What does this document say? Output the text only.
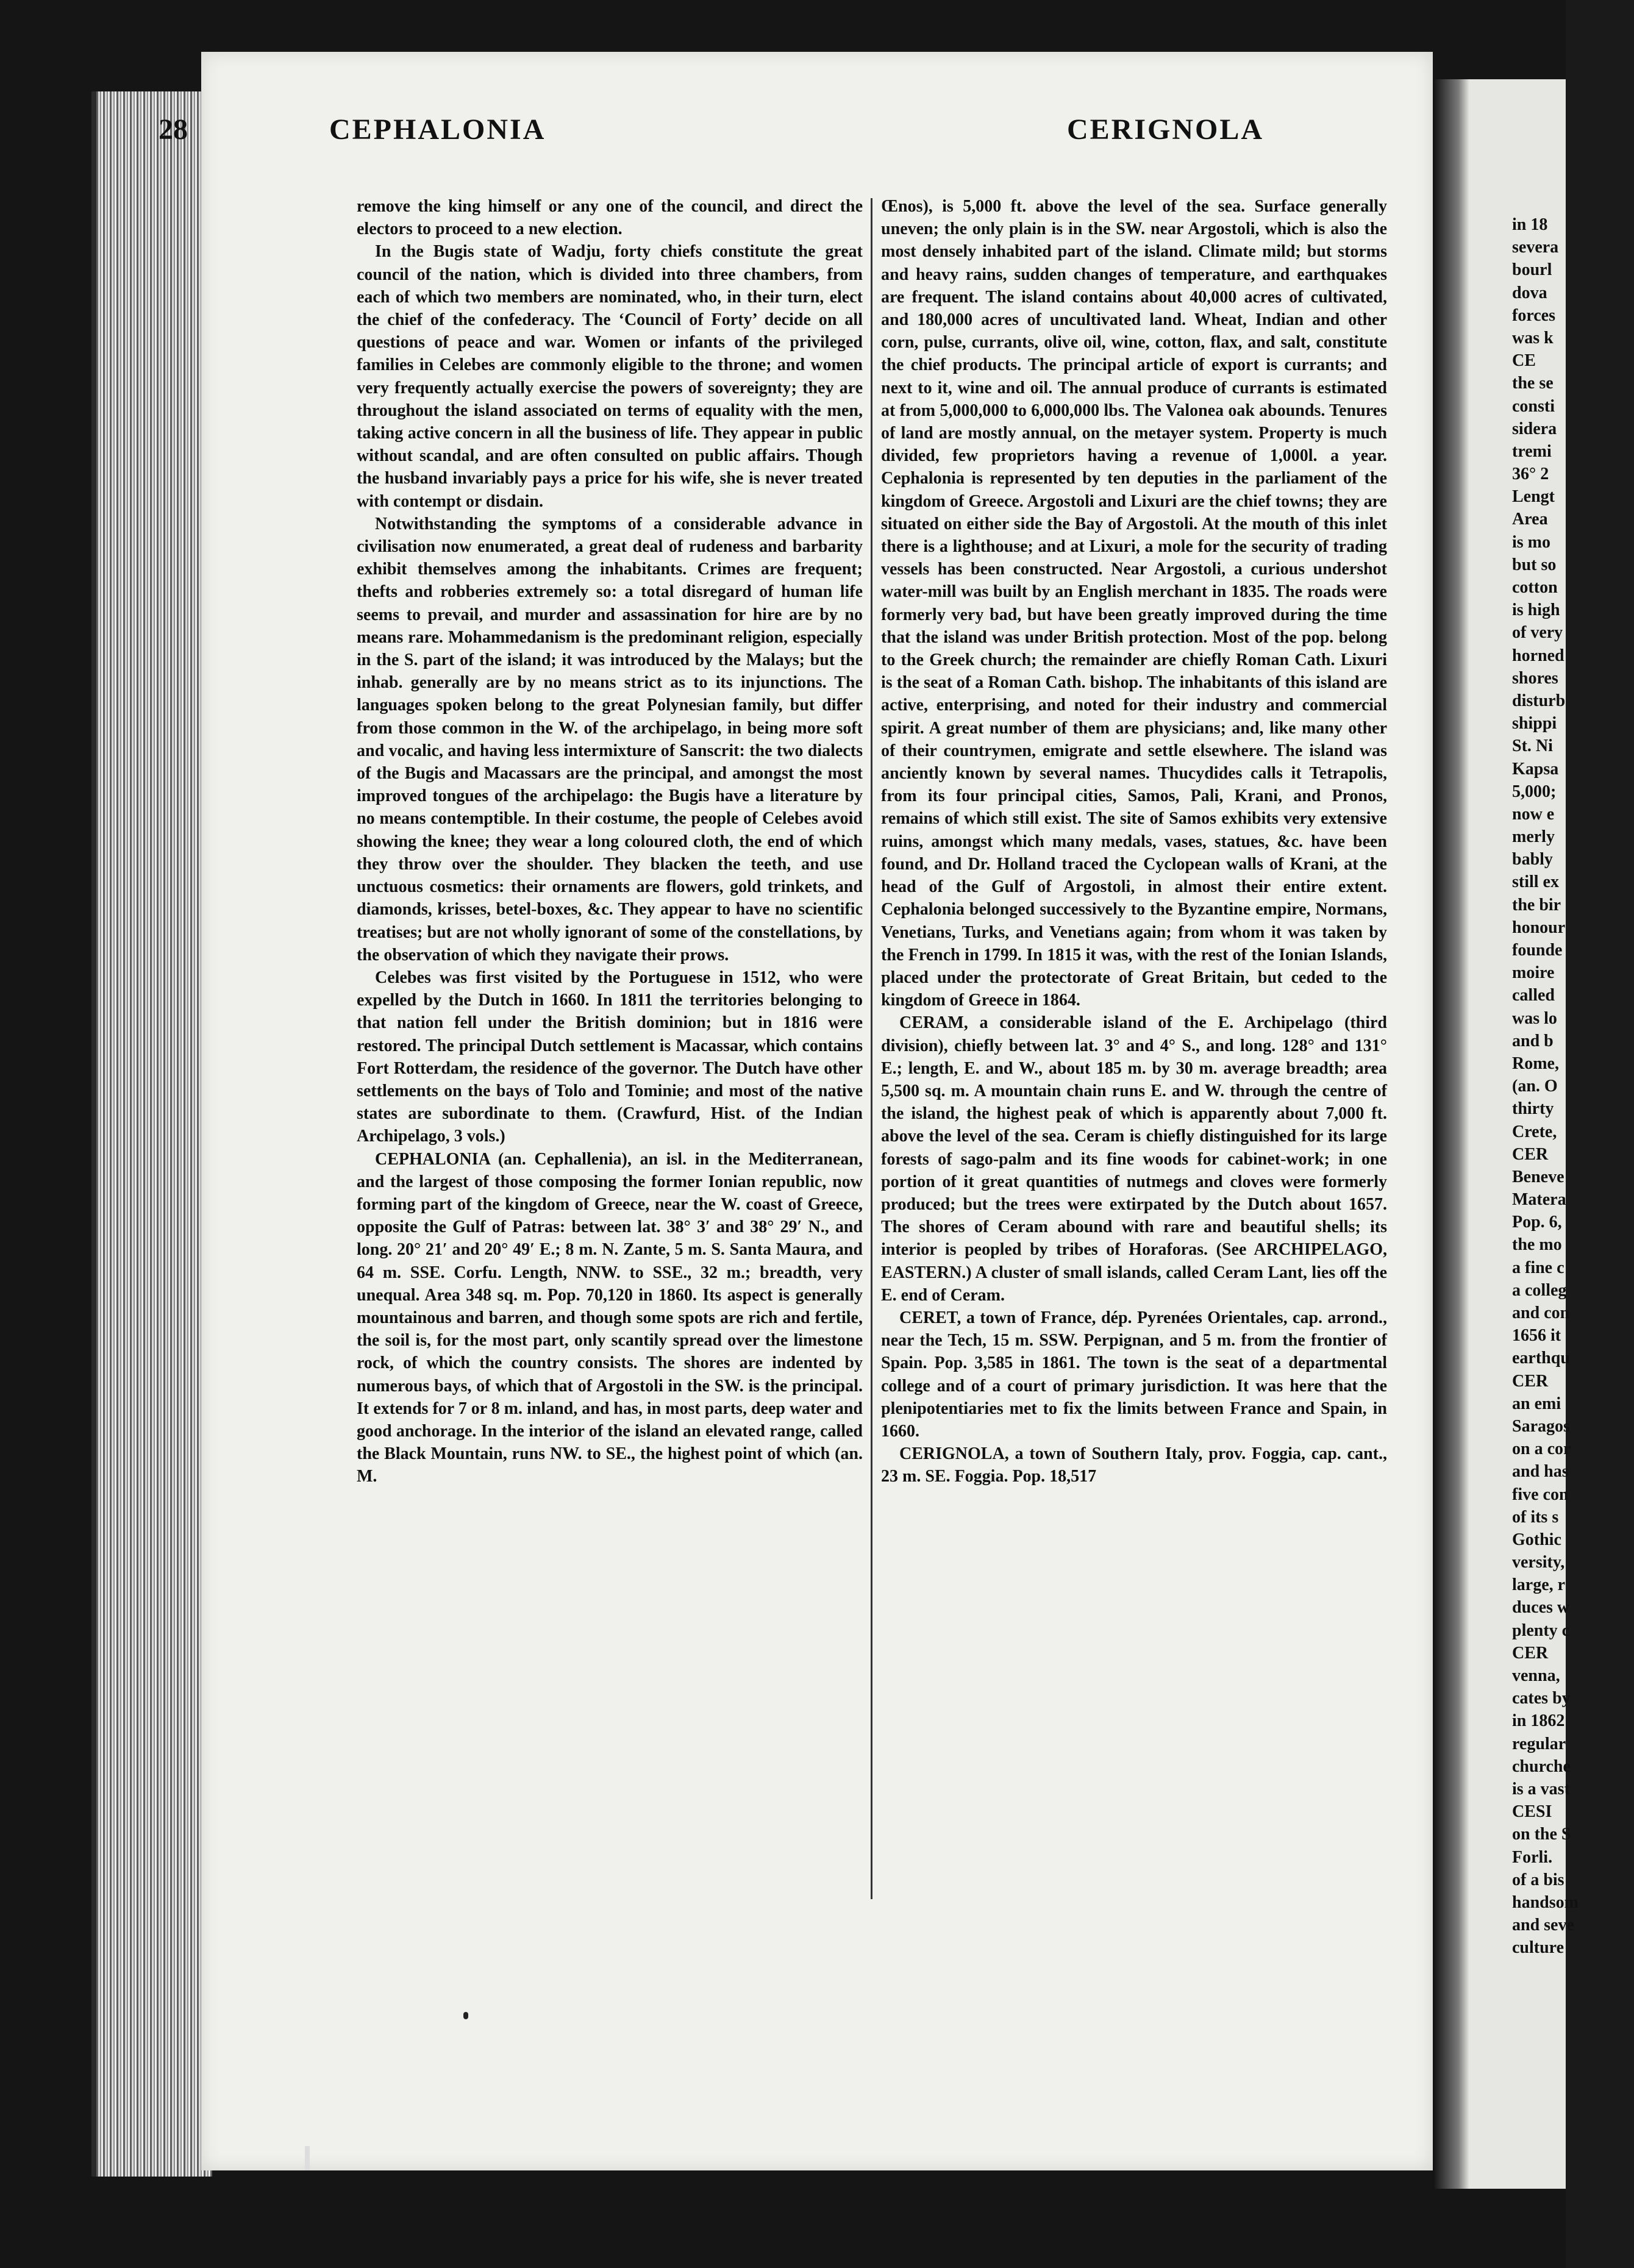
28	CEPHALONIA	CERIGNOLA

remove the king himself or any one of the council, and direct the electors to proceed to a new election.

In the Bugis state of Wadju, forty chiefs constitute the great council of the nation, which is divided into three chambers, from each of which two members are nominated, who, in their turn, elect the chief of the confederacy. The ‘Council of Forty’ decide on all questions of peace and war. Women or infants of the privileged families in Celebes are commonly eligible to the throne; and women very frequently actually exercise the powers of sovereignty; they are throughout the island associated on terms of equality with the men, taking active concern in all the business of life. They appear in public without scandal, and are often consulted on public affairs. Though the husband invariably pays a price for his wife, she is never treated with contempt or disdain.

Notwithstanding the symptoms of a considerable advance in civilisation now enumerated, a great deal of rudeness and barbarity exhibit themselves among the inhabitants. Crimes are frequent; thefts and robberies extremely so: a total disregard of human life seems to prevail, and murder and assassination for hire are by no means rare. Mohammedanism is the predominant religion, especially in the S. part of the island; it was introduced by the Malays; but the inhab. generally are by no means strict as to its injunctions. The languages spoken belong to the great Polynesian family, but differ from those common in the W. of the archipelago, in being more soft and vocalic, and having less intermixture of Sanscrit: the two dialects of the Bugis and Macassars are the principal, and amongst the most improved tongues of the archipelago: the Bugis have a literature by no means contemptible. In their costume, the people of Celebes avoid showing the knee; they wear a long coloured cloth, the end of which they throw over the shoulder. They blacken the teeth, and use unctuous cosmetics: their ornaments are flowers, gold trinkets, and diamonds, krisses, betel-boxes, &c. They appear to have no scientific treatises; but are not wholly ignorant of some of the constellations, by the observation of which they navigate their prows.

Celebes was first visited by the Portuguese in 1512, who were expelled by the Dutch in 1660. In 1811 the territories belonging to that nation fell under the British dominion; but in 1816 were restored. The principal Dutch settlement is Macassar, which contains Fort Rotterdam, the residence of the governor. The Dutch have other settlements on the bays of Tolo and Tominie; and most of the native states are subordinate to them. (Crawfurd, Hist. of the Indian Archipelago, 3 vols.)

CEPHALONIA (an. Cephallenia), an isl. in the Mediterranean, and the largest of those composing the former Ionian republic, now forming part of the kingdom of Greece, near the W. coast of Greece, opposite the Gulf of Patras: between lat. 38° 3′ and 38° 29′ N., and long. 20° 21′ and 20° 49′ E.; 8 m. N. Zante, 5 m. S. Santa Maura, and 64 m. SSE. Corfu. Length, NNW. to SSE., 32 m.; breadth, very unequal. Area 348 sq. m. Pop. 70,120 in 1860. Its aspect is generally mountainous and barren, and though some spots are rich and fertile, the soil is, for the most part, only scantily spread over the limestone rock, of which the country consists. The shores are indented by numerous bays, of which that of Argostoli in the SW. is the principal. It extends for 7 or 8 m. inland, and has, in most parts, deep water and good anchorage. In the interior of the island an elevated range, called the Black Mountain, runs NW. to SE., the highest point of which (an. M.

Œnos), is 5,000 ft. above the level of the sea. Surface generally uneven; the only plain is in the SW. near Argostoli, which is also the most densely inhabited part of the island. Climate mild; but storms and heavy rains, sudden changes of temperature, and earthquakes are frequent. The island contains about 40,000 acres of cultivated, and 180,000 acres of uncultivated land. Wheat, Indian and other corn, pulse, currants, olive oil, wine, cotton, flax, and salt, constitute the chief products. The principal article of export is currants; and next to it, wine and oil. The annual produce of currants is estimated at from 5,000,000 to 6,000,000 lbs. The Valonea oak abounds. Tenures of land are mostly annual, on the metayer system. Property is much divided, few proprietors having a revenue of 1,000l. a year. Cephalonia is represented by ten deputies in the parliament of the kingdom of Greece. Argostoli and Lixuri are the chief towns; they are situated on either side the Bay of Argostoli. At the mouth of this inlet there is a lighthouse; and at Lixuri, a mole for the security of trading vessels has been constructed. Near Argostoli, a curious undershot water-mill was built by an English merchant in 1835. The roads were formerly very bad, but have been greatly improved during the time that the island was under British protection. Most of the pop. belong to the Greek church; the remainder are chiefly Roman Cath. Lixuri is the seat of a Roman Cath. bishop. The inhabitants of this island are active, enterprising, and noted for their industry and commercial spirit. A great number of them are physicians; and, like many other of their countrymen, emigrate and settle elsewhere. The island was anciently known by several names. Thucydides calls it Tetrapolis, from its four principal cities, Samos, Pali, Krani, and Pronos, remains of which still exist. The site of Samos exhibits very extensive ruins, amongst which many medals, vases, statues, &c. have been found, and Dr. Holland traced the Cyclopean walls of Krani, at the head of the Gulf of Argostoli, in almost their entire extent. Cephalonia belonged successively to the Byzantine empire, Normans, Venetians, Turks, and Venetians again; from whom it was taken by the French in 1799. In 1815 it was, with the rest of the Ionian Islands, placed under the protectorate of Great Britain, but ceded to the kingdom of Greece in 1864.

CERAM, a considerable island of the E. Archipelago (third division), chiefly between lat. 3° and 4° S., and long. 128° and 131° E.; length, E. and W., about 185 m. by 30 m. average breadth; area 5,500 sq. m. A mountain chain runs E. and W. through the centre of the island, the highest peak of which is apparently about 7,000 ft. above the level of the sea. Ceram is chiefly distinguished for its large forests of sago-palm and its fine woods for cabinet-work; in one portion of it great quantities of nutmegs and cloves were formerly produced; but the trees were extirpated by the Dutch about 1657. The shores of Ceram abound with rare and beautiful shells; its interior is peopled by tribes of Horaforas. (See ARCHIPELAGO, EASTERN.) A cluster of small islands, called Ceram Lant, lies off the E. end of Ceram.

CERET, a town of France, dép. Pyrenées Orientales, cap. arrond., near the Tech, 15 m. SSW. Perpignan, and 5 m. from the frontier of Spain. Pop. 3,585 in 1861. The town is the seat of a departmental college and of a court of primary jurisdiction. It was here that the plenipotentiaries met to fix the limits between France and Spain, in 1660.

CERIGNOLA, a town of Southern Italy, prov. Foggia, cap. cant., 23 m. SE. Foggia. Pop. 18,517

in 18
severa
bourl
dova
forces
was k
CE
the se
consti
sidera
tremi
36° 2
Lengt
Area
is mo
but so
cotton
is high
of very
horned
shores
disturb
shippi
St. Ni
Kapsa
5,000;
now e
merly
bably
still ex
the bir
honour
founde
moire
called
was lo
and b
Rome,
(an. O
thirty
Crete,
CER
Beneve
Matera
Pop. 6,
the mo
a fine c
a colleg
and con
1656 it
earthqu
CER
an emi
Saragos
on a cor
and has
five con
of its s
Gothic
versity,
large, r
duces w
plenty c
CER
venna,
cates by
in 1862
regular
churche
is a vast
CESI
on the S
Forli.
of a bis
handsom
and seve
culture
